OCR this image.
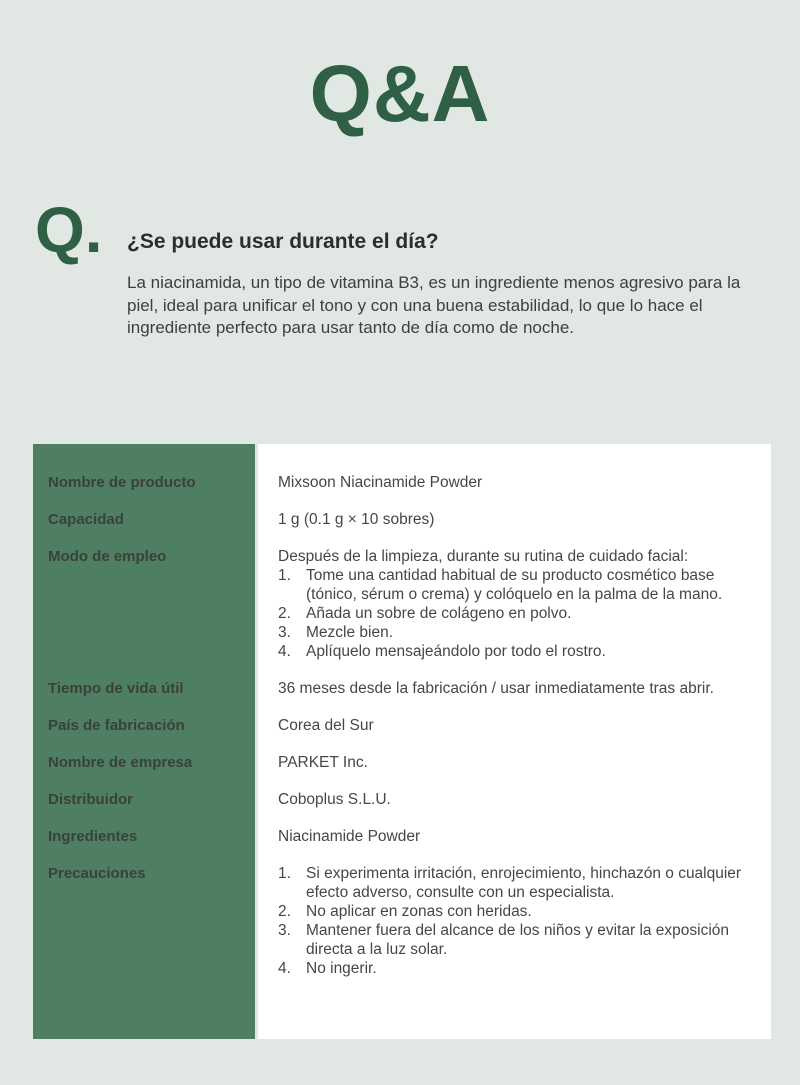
Q&A
Q.	¿Se puede usar durante el día?
La niacinamida, un tipo de vitamina B3, es un ingrediente menos agresivo para la piel, ideal para unificar el tono y con una buena estabilidad, lo que lo hace el ingrediente perfecto para usar tanto de día como de noche.
Nombre de producto	Mixsoon Niacinamide Powder
Capacidad	1 g (0.1 g × 10 sobres)
Modo de empleo	Después de la limpieza, durante su rutina de cuidado facial:
Tome una cantidad habitual de su producto cosmético base (tónico, sérum o crema) y colóquelo en la palma de la mano.
Añada un sobre de colágeno en polvo.
Mezcle bien.
Aplíquelo mensajeándolo por todo el rostro.
Tiempo de vida útil	36 meses desde la fabricación / usar inmediatamente tras abrir.
País de fabricación	Corea del Sur
Nombre de empresa	PARKET Inc.
Distribuidor	Coboplus S.L.U.
Ingredientes	Niacinamide Powder
Precauciones	Si experimenta irritación, enrojecimiento, hinchazón o cualquier efecto adverso, consulte con un especialista.
No aplicar en zonas con heridas.
Mantener fuera del alcance de los niños y evitar la exposición directa a la luz solar.
No ingerir.
